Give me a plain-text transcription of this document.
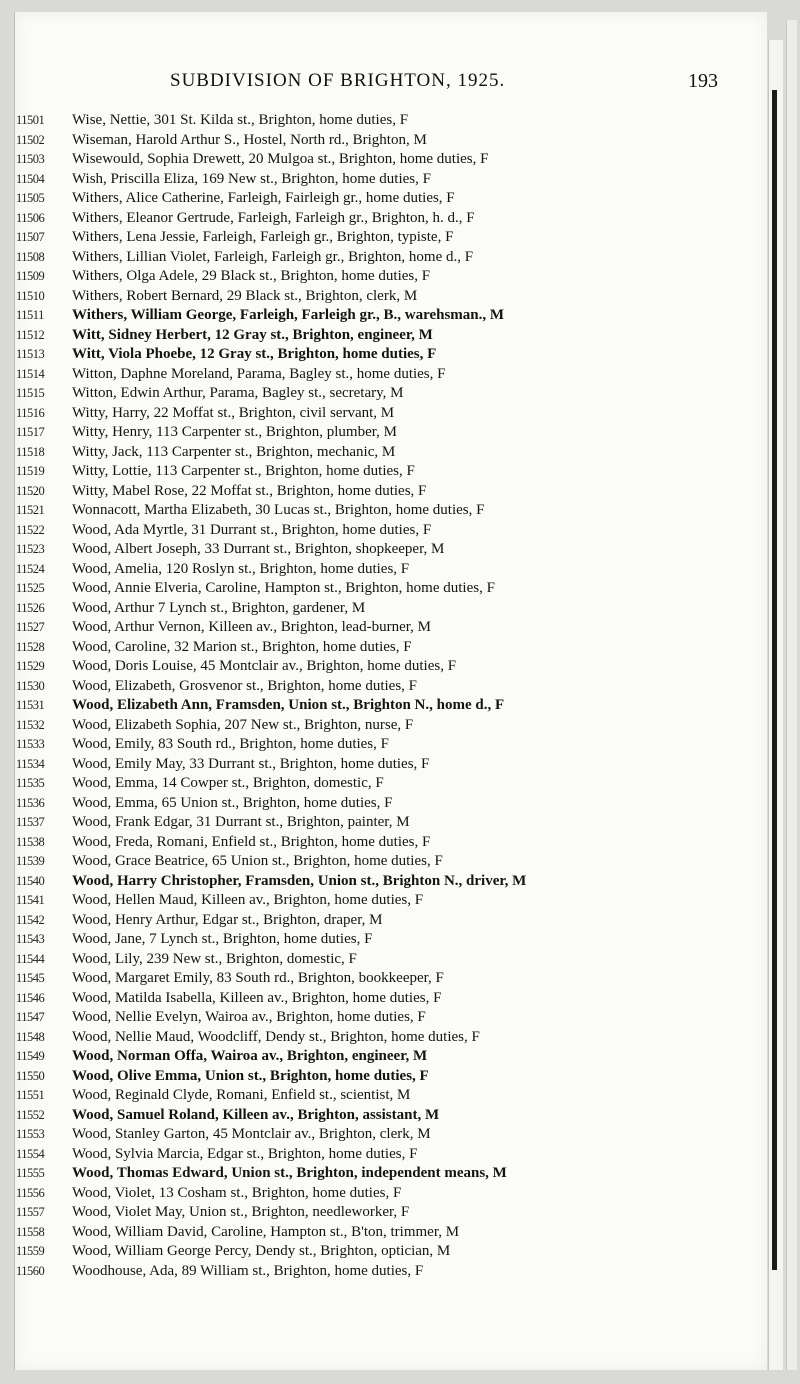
SUBDIVISION OF BRIGHTON, 1925.	193
11501 Wise, Nettie, 301 St. Kilda st., Brighton, home duties, F
11502 Wiseman, Harold Arthur S., Hostel, North rd., Brighton, M
11503 Wisewould, Sophia Drewett, 20 Mulgoa st., Brighton, home duties, F
11504 Wish, Priscilla Eliza, 169 New st., Brighton, home duties, F
11505 Withers, Alice Catherine, Farleigh, Fairleigh gr., home duties, F
11506 Withers, Eleanor Gertrude, Farleigh, Farleigh gr., Brighton, h. d., F
11507 Withers, Lena Jessie, Farleigh, Farleigh gr., Brighton, typiste, F
11508 Withers, Lillian Violet, Farleigh, Farleigh gr., Brighton, home d., F
11509 Withers, Olga Adele, 29 Black st., Brighton, home duties, F
11510 Withers, Robert Bernard, 29 Black st., Brighton, clerk, M
11511 Withers, William George, Farleigh, Farleigh gr., B., warehsman., M
11512 Witt, Sidney Herbert, 12 Gray st., Brighton, engineer, M
11513 Witt, Viola Phoebe, 12 Gray st., Brighton, home duties, F
11514 Witton, Daphne Moreland, Parama, Bagley st., home duties, F
11515 Witton, Edwin Arthur, Parama, Bagley st., secretary, M
11516 Witty, Harry, 22 Moffat st., Brighton, civil servant, M
11517 Witty, Henry, 113 Carpenter st., Brighton, plumber, M
11518 Witty, Jack, 113 Carpenter st., Brighton, mechanic, M
11519 Witty, Lottie, 113 Carpenter st., Brighton, home duties, F
11520 Witty, Mabel Rose, 22 Moffat st., Brighton, home duties, F
11521 Wonnacott, Martha Elizabeth, 30 Lucas st., Brighton, home duties, F
11522 Wood, Ada Myrtle, 31 Durrant st., Brighton, home duties, F
11523 Wood, Albert Joseph, 33 Durrant st., Brighton, shopkeeper, M
11524 Wood, Amelia, 120 Roslyn st., Brighton, home duties, F
11525 Wood, Annie Elveria, Caroline, Hampton st., Brighton, home duties, F
11526 Wood, Arthur 7 Lynch st., Brighton, gardener, M
11527 Wood, Arthur Vernon, Killeen av., Brighton, lead-burner, M
11528 Wood, Caroline, 32 Marion st., Brighton, home duties, F
11529 Wood, Doris Louise, 45 Montclair av., Brighton, home duties, F
11530 Wood, Elizabeth, Grosvenor st., Brighton, home duties, F
11531 Wood, Elizabeth Ann, Framsden, Union st., Brighton N., home d., F
11532 Wood, Elizabeth Sophia, 207 New st., Brighton, nurse, F
11533 Wood, Emily, 83 South rd., Brighton, home duties, F
11534 Wood, Emily May, 33 Durrant st., Brighton, home duties, F
11535 Wood, Emma, 14 Cowper st., Brighton, domestic, F
11536 Wood, Emma, 65 Union st., Brighton, home duties, F
11537 Wood, Frank Edgar, 31 Durrant st., Brighton, painter, M
11538 Wood, Freda, Romani, Enfield st., Brighton, home duties, F
11539 Wood, Grace Beatrice, 65 Union st., Brighton, home duties, F
11540 Wood, Harry Christopher, Framsden, Union st., Brighton N., driver, M
11541 Wood, Hellen Maud, Killeen av., Brighton, home duties, F
11542 Wood, Henry Arthur, Edgar st., Brighton, draper, M
11543 Wood, Jane, 7 Lynch st., Brighton, home duties, F
11544 Wood, Lily, 239 New st., Brighton, domestic, F
11545 Wood, Margaret Emily, 83 South rd., Brighton, bookkeeper, F
11546 Wood, Matilda Isabella, Killeen av., Brighton, home duties, F
11547 Wood, Nellie Evelyn, Wairoa av., Brighton, home duties, F
11548 Wood, Nellie Maud, Woodcliff, Dendy st., Brighton, home duties, F
11549 Wood, Norman Offa, Wairoa av., Brighton, engineer, M
11550 Wood, Olive Emma, Union st., Brighton, home duties, F
11551 Wood, Reginald Clyde, Romani, Enfield st., scientist, M
11552 Wood, Samuel Roland, Killeen av., Brighton, assistant, M
11553 Wood, Stanley Garton, 45 Montclair av., Brighton, clerk, M
11554 Wood, Sylvia Marcia, Edgar st., Brighton, home duties, F
11555 Wood, Thomas Edward, Union st., Brighton, independent means, M
11556 Wood, Violet, 13 Cosham st., Brighton, home duties, F
11557 Wood, Violet May, Union st., Brighton, needleworker, F
11558 Wood, William David, Caroline, Hampton st., B'ton, trimmer, M
11559 Wood, William George Percy, Dendy st., Brighton, optician, M
11560 Woodhouse, Ada, 89 William st., Brighton, home duties, F
